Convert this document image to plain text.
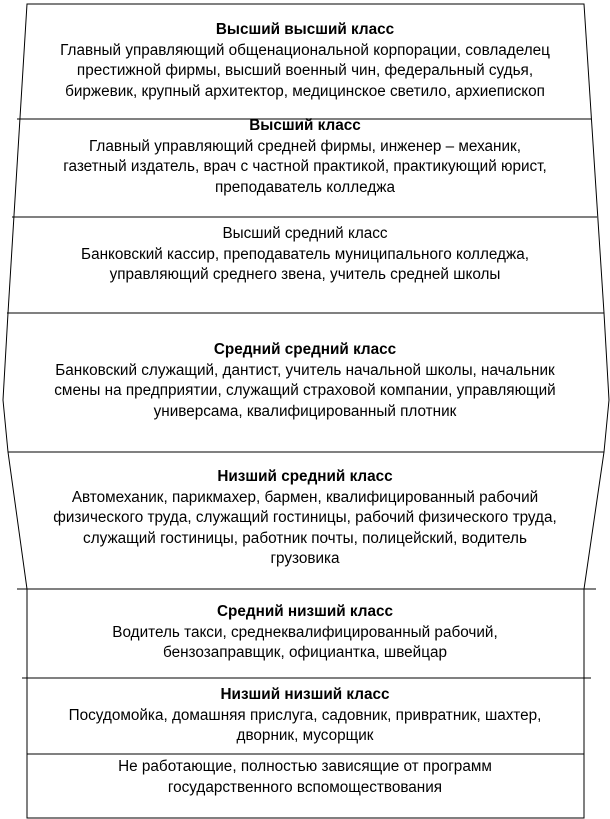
Высший высший класс
Главный управляющий общенациональной корпорации, совладелец
престижной фирмы, высший военный чин, федеральный судья,
биржевик, крупный архитектор, медицинское светило, архиепископ
Высший класс
Главный управляющий средней фирмы, инженер – механик,
газетный издатель, врач с частной практикой, практикующий юрист,
преподаватель колледжа
Высший средний класс
Банковский кассир, преподаватель муниципального колледжа,
управляющий среднего звена, учитель средней школы
Средний средний класс
Банковский служащий, дантист, учитель начальной школы, начальник
смены на предприятии, служащий страховой компании, управляющий
универсама, квалифицированный плотник
Низший средний класс
Автомеханик, парикмахер, бармен, квалифицированный рабочий
физического труда, служащий гостиницы, рабочий физического труда,
служащий гостиницы, работник почты, полицейский, водитель
грузовика
Средний низший класс
Водитель такси, среднеквалифицированный рабочий,
бензозаправщик, официантка, швейцар
Низший низший класс
Посудомойка, домашняя прислуга, садовник, привратник, шахтер,
дворник, мусорщик
Не работающие, полностью зависящие от программ
государственного вспомоществования
